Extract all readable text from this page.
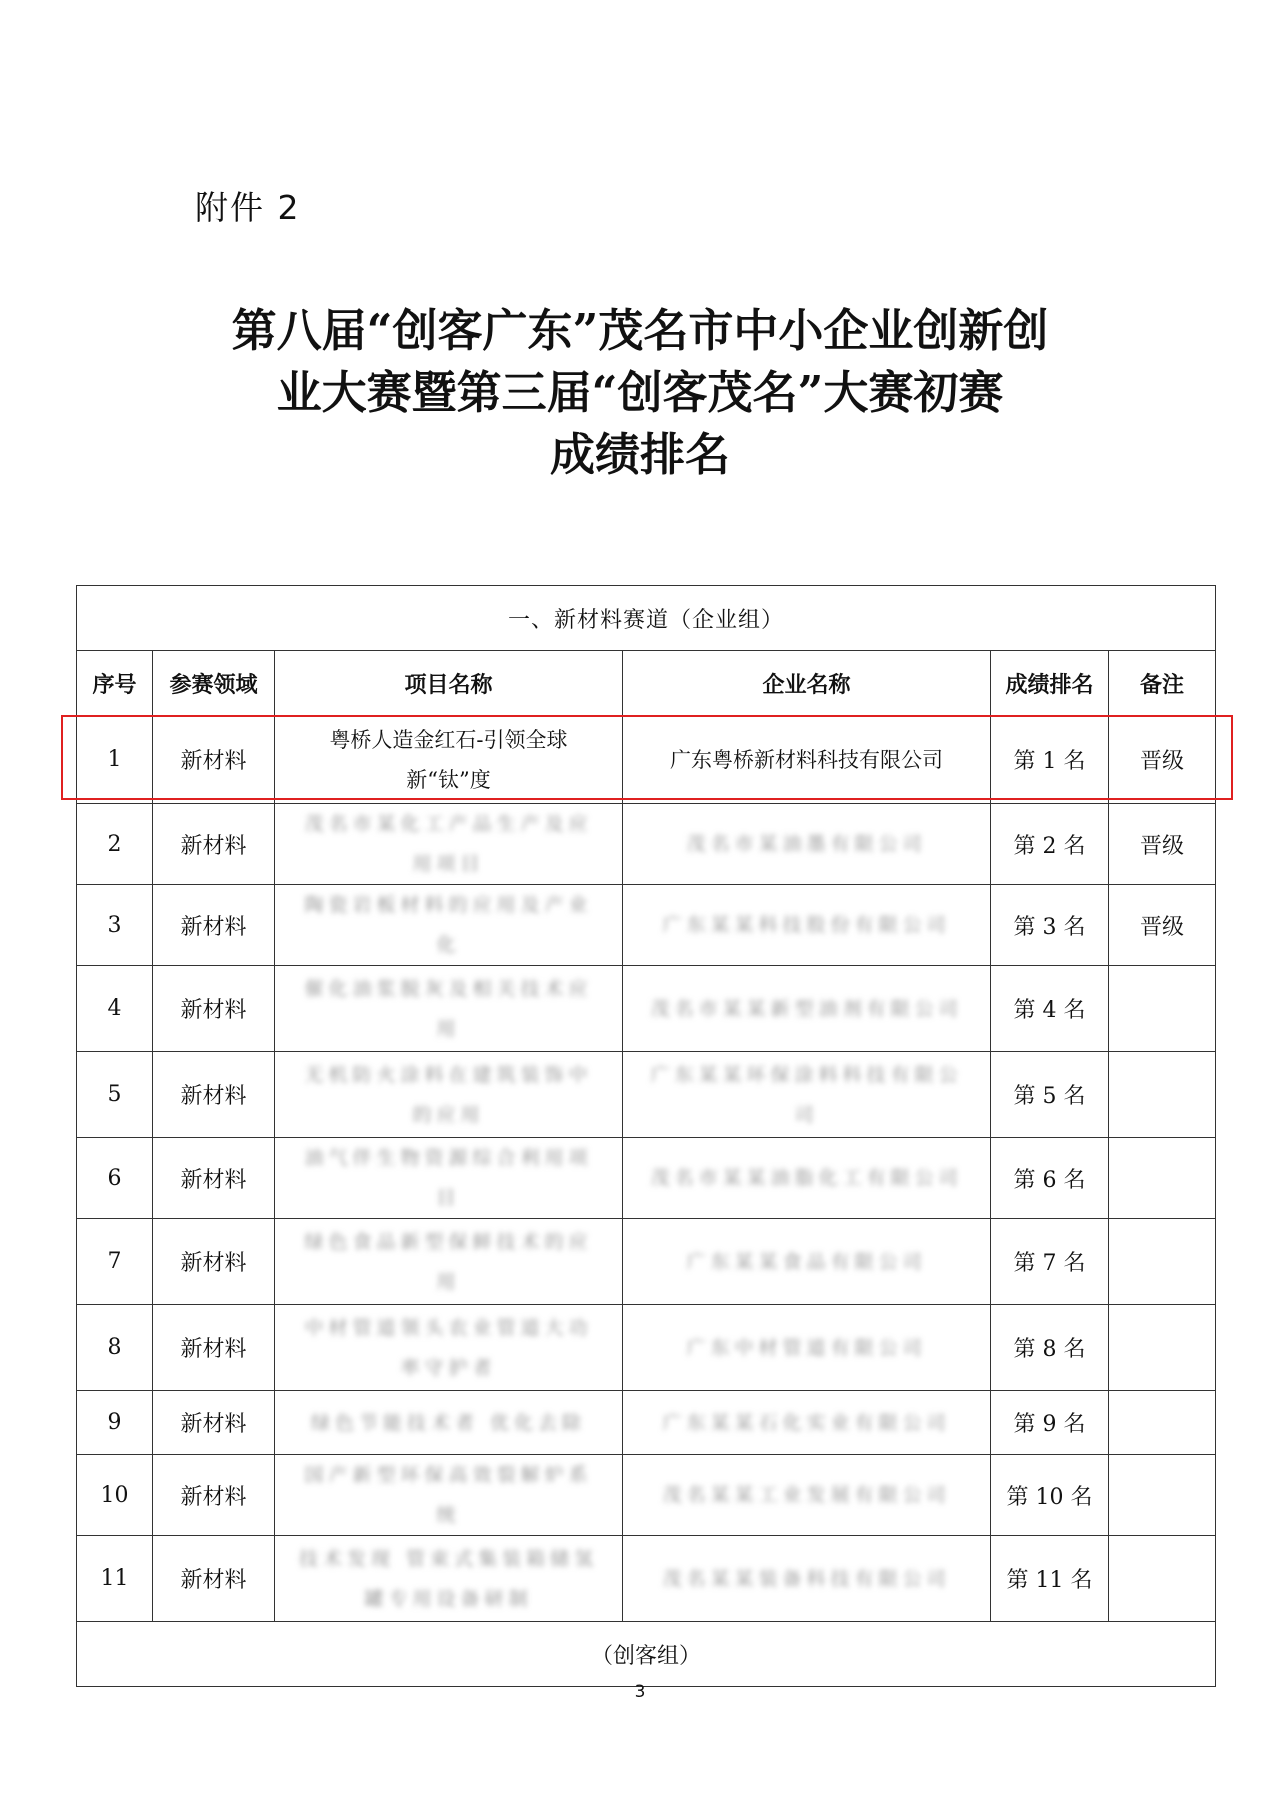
附件 2
第八届“创客广东”茂名市中小企业创新创
业大赛暨第三届“创客茂名”大赛初赛
成绩排名
一、新材料赛道（企业组）					
序号	参赛领域	项目名称	企业名称	成绩排名	备注
1	新材料	粤桥人造金红石-引领全球新“钛”度	广东粤桥新材料科技有限公司	第 1 名	晋级
2	新材料	茂名市某化工产品生产及应用项目	茂名市某油墨有限公司	第 2 名	晋级
3	新材料	陶瓷岩板材料的应用及产业化	广东某某科技股份有限公司	第 3 名	晋级
4	新材料	催化油浆脱灰及相关技术应用	茂名市某某新型油剂有限公司	第 4 名	
5	新材料	无机防火涂料在建筑装饰中的应用	广东某某环保涂料科技有限公司	第 5 名	
6	新材料	油气伴生物资源综合利用项目	茂名市某某油脂化工有限公司	第 6 名	
7	新材料	绿色食品新型保鲜技术的应用	广东某某食品有限公司	第 7 名	
8	新材料	中材管道领头农业管道大功率守护者	广东中材管道有限公司	第 8 名	
9	新材料	绿色节能技术者 优化去除	广东某某石化实业有限公司	第 9 名	
10	新材料	国产新型环保高效裂解炉系统	茂名某某工业发展有限公司	第 10 名	
11	新材料	技术发现 管束式集装箱储氢罐专用设备研制	茂名某某装备科技有限公司	第 11 名	
（创客组）					
3
